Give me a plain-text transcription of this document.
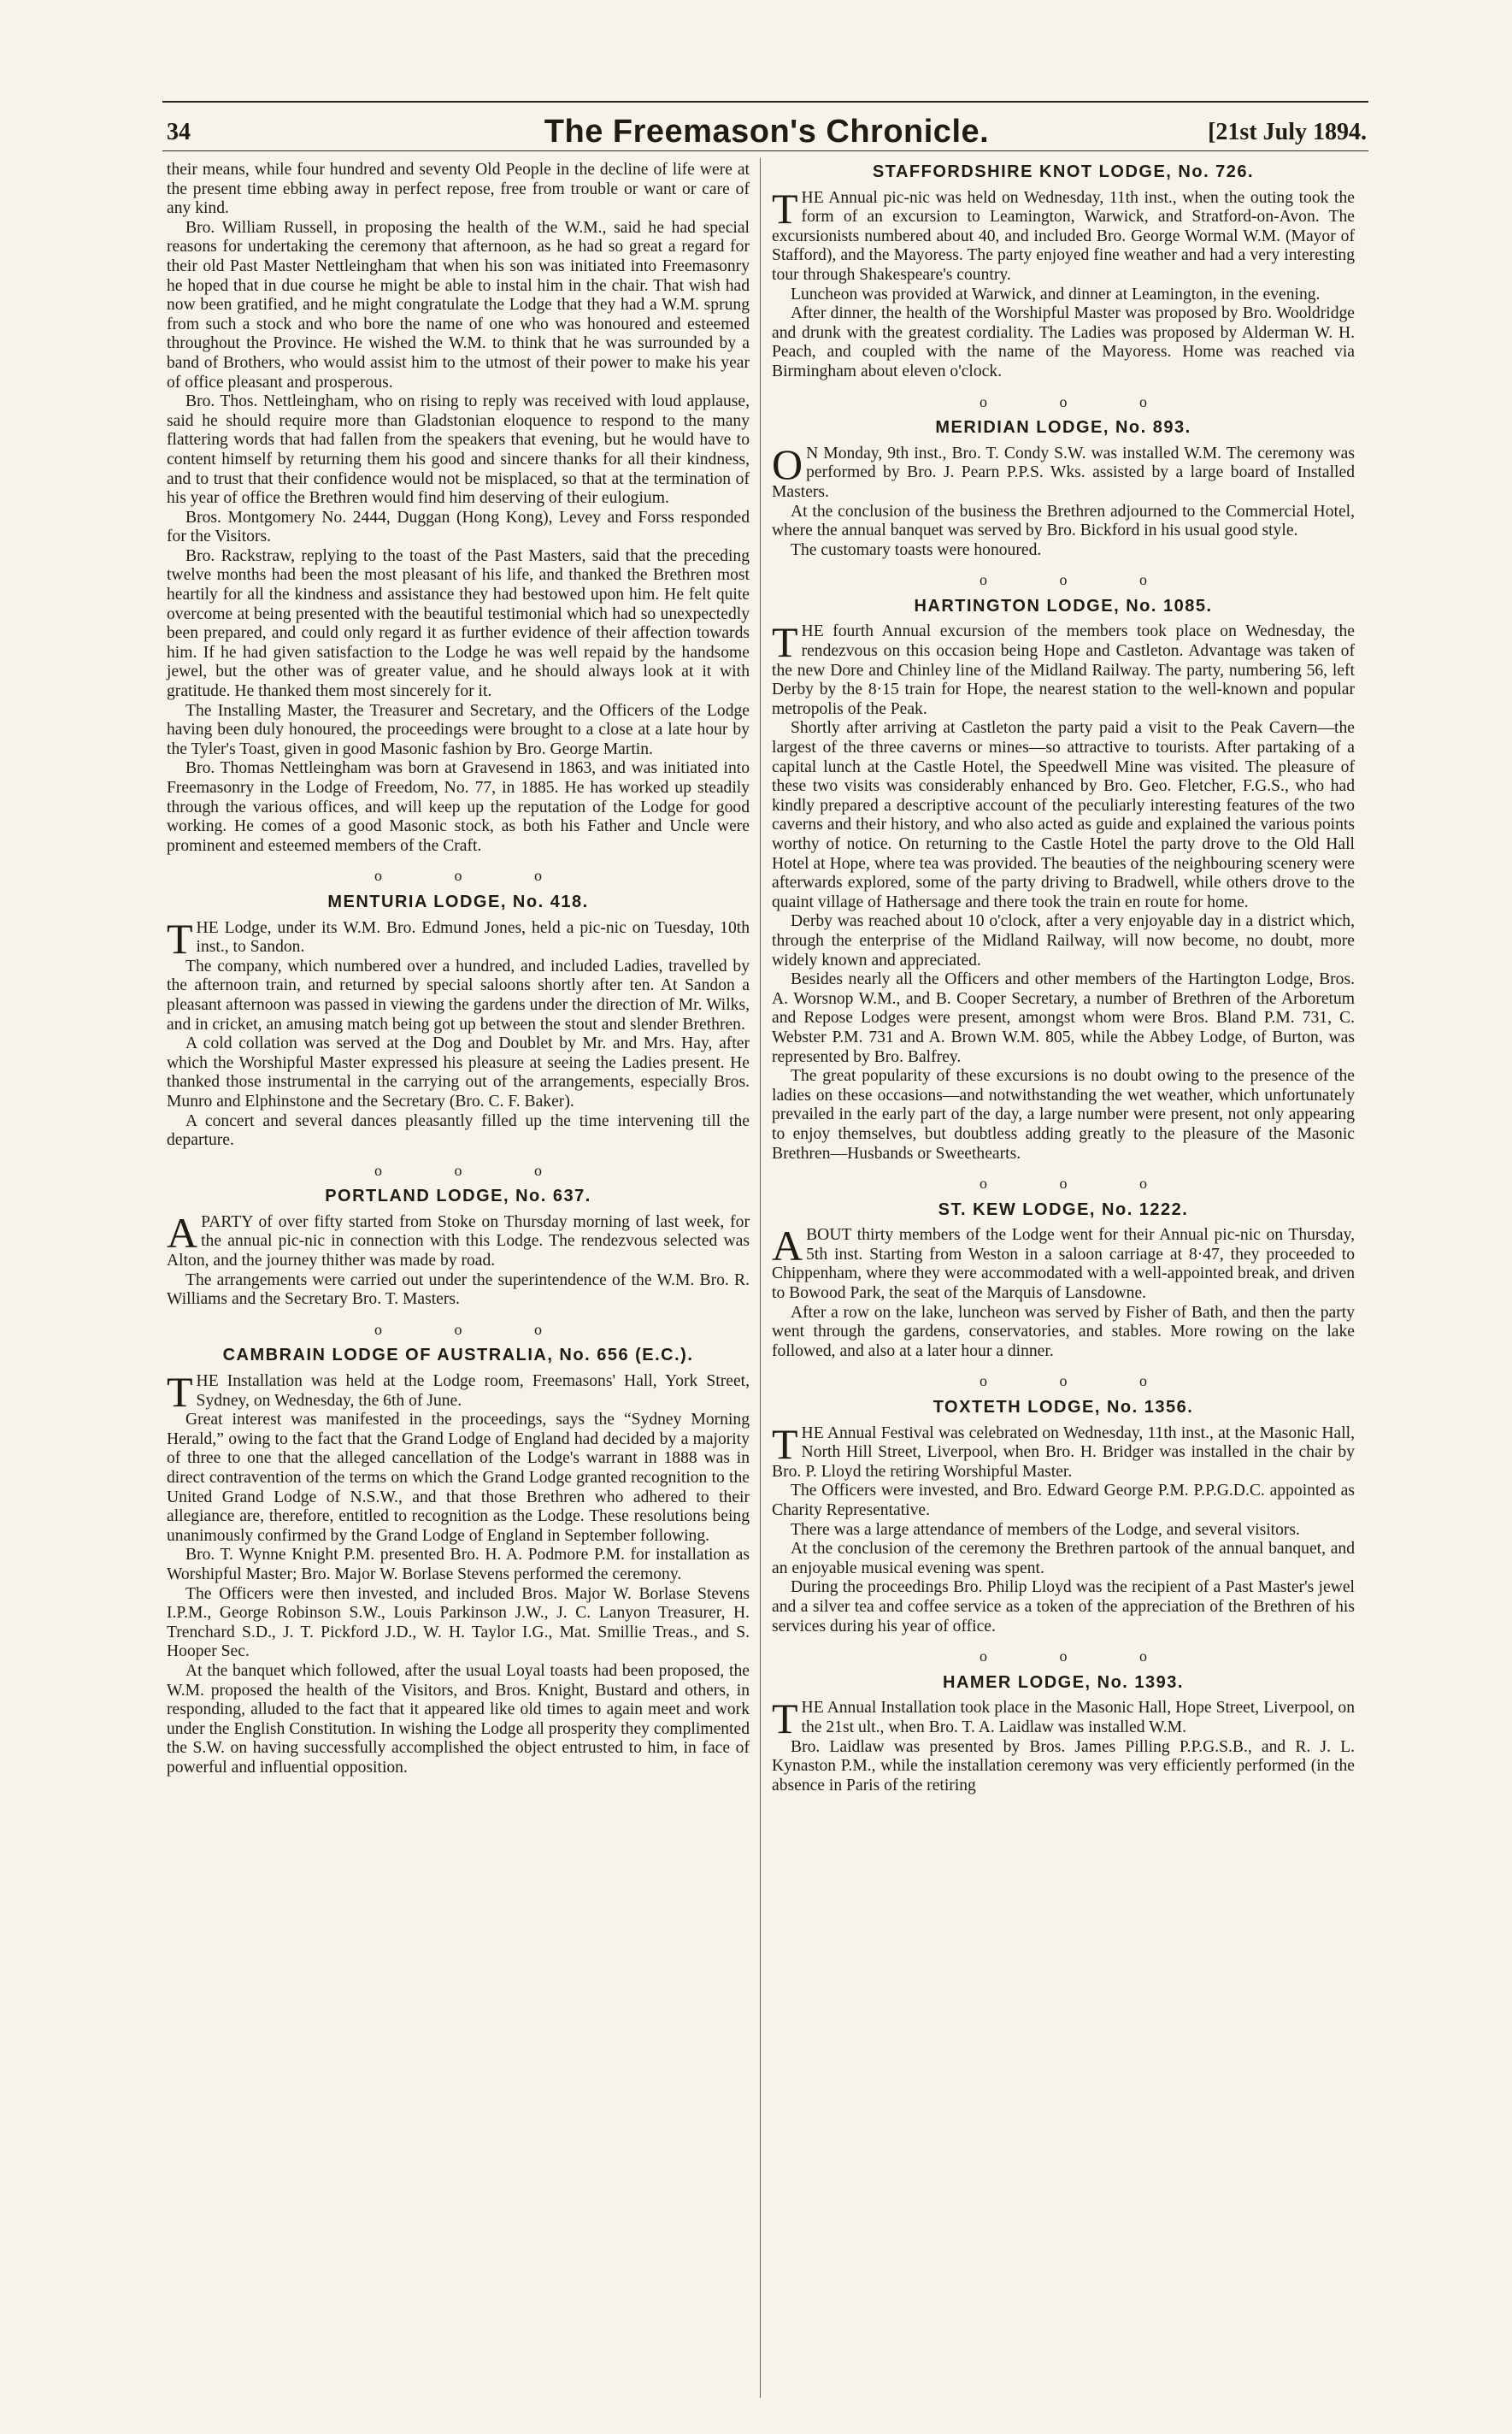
34	The Freemason's Chronicle.	[21st July 1894.

their means, while four hundred and seventy Old People in the decline of life were at the present time ebbing away in perfect repose, free from trouble or want or care of any kind.

Bro. William Russell, in proposing the health of the W.M., said he had special reasons for undertaking the ceremony that afternoon, as he had so great a regard for their old Past Master Nettleingham that when his son was initiated into Freemasonry he hoped that in due course he might be able to instal him in the chair. That wish had now been gratified, and he might congratulate the Lodge that they had a W.M. sprung from such a stock and who bore the name of one who was honoured and esteemed throughout the Province. He wished the W.M. to think that he was surrounded by a band of Brothers, who would assist him to the utmost of their power to make his year of office pleasant and prosperous.

Bro. Thos. Nettleingham, who on rising to reply was received with loud applause, said he should require more than Gladstonian eloquence to respond to the many flattering words that had fallen from the speakers that evening, but he would have to content himself by returning them his good and sincere thanks for all their kindness, and to trust that their confidence would not be misplaced, so that at the termination of his year of office the Brethren would find him deserving of their eulogium.

Bros. Montgomery No. 2444, Duggan (Hong Kong), Levey and Forss responded for the Visitors.

Bro. Rackstraw, replying to the toast of the Past Masters, said that the preceding twelve months had been the most pleasant of his life, and thanked the Brethren most heartily for all the kindness and assistance they had bestowed upon him. He felt quite overcome at being presented with the beautiful testimonial which had so unexpectedly been prepared, and could only regard it as further evidence of their affection towards him. If he had given satisfaction to the Lodge he was well repaid by the handsome jewel, but the other was of greater value, and he should always look at it with gratitude. He thanked them most sincerely for it.

The Installing Master, the Treasurer and Secretary, and the Officers of the Lodge having been duly honoured, the proceedings were brought to a close at a late hour by the Tyler's Toast, given in good Masonic fashion by Bro. George Martin.

Bro. Thomas Nettleingham was born at Gravesend in 1863, and was initiated into Freemasonry in the Lodge of Freedom, No. 77, in 1885. He has worked up steadily through the various offices, and will keep up the reputation of the Lodge for good working. He comes of a good Masonic stock, as both his Father and Uncle were prominent and esteemed members of the Craft.

o o o
MENTURIA LODGE, No. 418.

THE Lodge, under its W.M. Bro. Edmund Jones, held a pic-nic on Tuesday, 10th inst., to Sandon.

The company, which numbered over a hundred, and included Ladies, travelled by the afternoon train, and returned by special saloons shortly after ten. At Sandon a pleasant afternoon was passed in viewing the gardens under the direction of Mr. Wilks, and in cricket, an amusing match being got up between the stout and slender Brethren.

A cold collation was served at the Dog and Doublet by Mr. and Mrs. Hay, after which the Worshipful Master expressed his pleasure at seeing the Ladies present. He thanked those instrumental in the carrying out of the arrangements, especially Bros. Munro and Elphinstone and the Secretary (Bro. C. F. Baker).

A concert and several dances pleasantly filled up the time intervening till the departure.

o o o
PORTLAND LODGE, No. 637.

APARTY of over fifty started from Stoke on Thursday morning of last week, for the annual pic-nic in connection with this Lodge. The rendezvous selected was Alton, and the journey thither was made by road.

The arrangements were carried out under the superintendence of the W.M. Bro. R. Williams and the Secretary Bro. T. Masters.

o o o
CAMBRAIN LODGE OF AUSTRALIA, No. 656 (E.C.).

THE Installation was held at the Lodge room, Freemasons' Hall, York Street, Sydney, on Wednesday, the 6th of June.

Great interest was manifested in the proceedings, says the “Sydney Morning Herald,” owing to the fact that the Grand Lodge of England had decided by a majority of three to one that the alleged cancellation of the Lodge's warrant in 1888 was in direct contravention of the terms on which the Grand Lodge granted recognition to the United Grand Lodge of N.S.W., and that those Brethren who adhered to their allegiance are, therefore, entitled to recognition as the Lodge. These resolutions being unanimously confirmed by the Grand Lodge of England in September following.

Bro. T. Wynne Knight P.M. presented Bro. H. A. Podmore P.M. for installation as Worshipful Master; Bro. Major W. Borlase Stevens performed the ceremony.

The Officers were then invested, and included Bros. Major W. Borlase Stevens I.P.M., George Robinson S.W., Louis Parkinson J.W., J. C. Lanyon Treasurer, H. Trenchard S.D., J. T. Pickford J.D., W. H. Taylor I.G., Mat. Smillie Treas., and S. Hooper Sec.

At the banquet which followed, after the usual Loyal toasts had been proposed, the W.M. proposed the health of the Visitors, and Bros. Knight, Bustard and others, in responding, alluded to the fact that it appeared like old times to again meet and work under the English Constitution. In wishing the Lodge all prosperity they complimented the S.W. on having successfully accomplished the object entrusted to him, in face of powerful and influential opposition.

STAFFORDSHIRE KNOT LODGE, No. 726.

THE Annual pic-nic was held on Wednesday, 11th inst., when the outing took the form of an excursion to Leamington, Warwick, and Stratford-on-Avon. The excursionists numbered about 40, and included Bro. George Wormal W.M. (Mayor of Stafford), and the Mayoress. The party enjoyed fine weather and had a very interesting tour through Shakespeare's country.

Luncheon was provided at Warwick, and dinner at Leamington, in the evening.

After dinner, the health of the Worshipful Master was proposed by Bro. Wooldridge and drunk with the greatest cordiality. The Ladies was proposed by Alderman W. H. Peach, and coupled with the name of the Mayoress. Home was reached via Birmingham about eleven o'clock.

o o o
MERIDIAN LODGE, No. 893.

O N Monday, 9th inst., Bro. T. Condy S.W. was installed W.M. The ceremony was performed by Bro. J. Pearn P.P.S. Wks. assisted by a large board of Installed Masters.

At the conclusion of the business the Brethren adjourned to the Commercial Hotel, where the annual banquet was served by Bro. Bickford in his usual good style.

The customary toasts were honoured.

o o o
HARTINGTON LODGE, No. 1085.

THE fourth Annual excursion of the members took place on Wednesday, the rendezvous on this occasion being Hope and Castleton. Advantage was taken of the new Dore and Chinley line of the Midland Railway. The party, numbering 56, left Derby by the 8·15 train for Hope, the nearest station to the well-known and popular metropolis of the Peak.

Shortly after arriving at Castleton the party paid a visit to the Peak Cavern—the largest of the three caverns or mines—so attractive to tourists. After partaking of a capital lunch at the Castle Hotel, the Speedwell Mine was visited. The pleasure of these two visits was considerably enhanced by Bro. Geo. Fletcher, F.G.S., who had kindly prepared a descriptive account of the peculiarly interesting features of the two caverns and their history, and who also acted as guide and explained the various points worthy of notice. On returning to the Castle Hotel the party drove to the Old Hall Hotel at Hope, where tea was provided. The beauties of the neighbouring scenery were afterwards explored, some of the party driving to Bradwell, while others drove to the quaint village of Hathersage and there took the train en route for home.

Derby was reached about 10 o'clock, after a very enjoyable day in a district which, through the enterprise of the Midland Railway, will now become, no doubt, more widely known and appreciated.

Besides nearly all the Officers and other members of the Hartington Lodge, Bros. A. Worsnop W.M., and B. Cooper Secretary, a number of Brethren of the Arboretum and Repose Lodges were present, amongst whom were Bros. Bland P.M. 731, C. Webster P.M. 731 and A. Brown W.M. 805, while the Abbey Lodge, of Burton, was represented by Bro. Balfrey.

The great popularity of these excursions is no doubt owing to the presence of the ladies on these occasions—and notwithstanding the wet weather, which unfortunately prevailed in the early part of the day, a large number were present, not only appearing to enjoy themselves, but doubtless adding greatly to the pleasure of the Masonic Brethren—Husbands or Sweethearts.

o o o
ST. KEW LODGE, No. 1222.

ABOUT thirty members of the Lodge went for their Annual pic-nic on Thursday, 5th inst. Starting from Weston in a saloon carriage at 8·47, they proceeded to Chippenham, where they were accommodated with a well-appointed break, and driven to Bowood Park, the seat of the Marquis of Lansdowne.

After a row on the lake, luncheon was served by Fisher of Bath, and then the party went through the gardens, conservatories, and stables. More rowing on the lake followed, and also at a later hour a dinner.

o o o
TOXTETH LODGE, No. 1356.

THE Annual Festival was celebrated on Wednesday, 11th inst., at the Masonic Hall, North Hill Street, Liverpool, when Bro. H. Bridger was installed in the chair by Bro. P. Lloyd the retiring Worshipful Master.

The Officers were invested, and Bro. Edward George P.M. P.P.G.D.C. appointed as Charity Representative.

There was a large attendance of members of the Lodge, and several visitors.

At the conclusion of the ceremony the Brethren partook of the annual banquet, and an enjoyable musical evening was spent.

During the proceedings Bro. Philip Lloyd was the recipient of a Past Master's jewel and a silver tea and coffee service as a token of the appreciation of the Brethren of his services during his year of office.

o o o
HAMER LODGE, No. 1393.

THE Annual Installation took place in the Masonic Hall, Hope Street, Liverpool, on the 21st ult., when Bro. T. A. Laidlaw was installed W.M.

Bro. Laidlaw was presented by Bros. James Pilling P.P.G.S.B., and R. J. L. Kynaston P.M., while the installation ceremony was very efficiently performed (in the absence in Paris of the retiring
